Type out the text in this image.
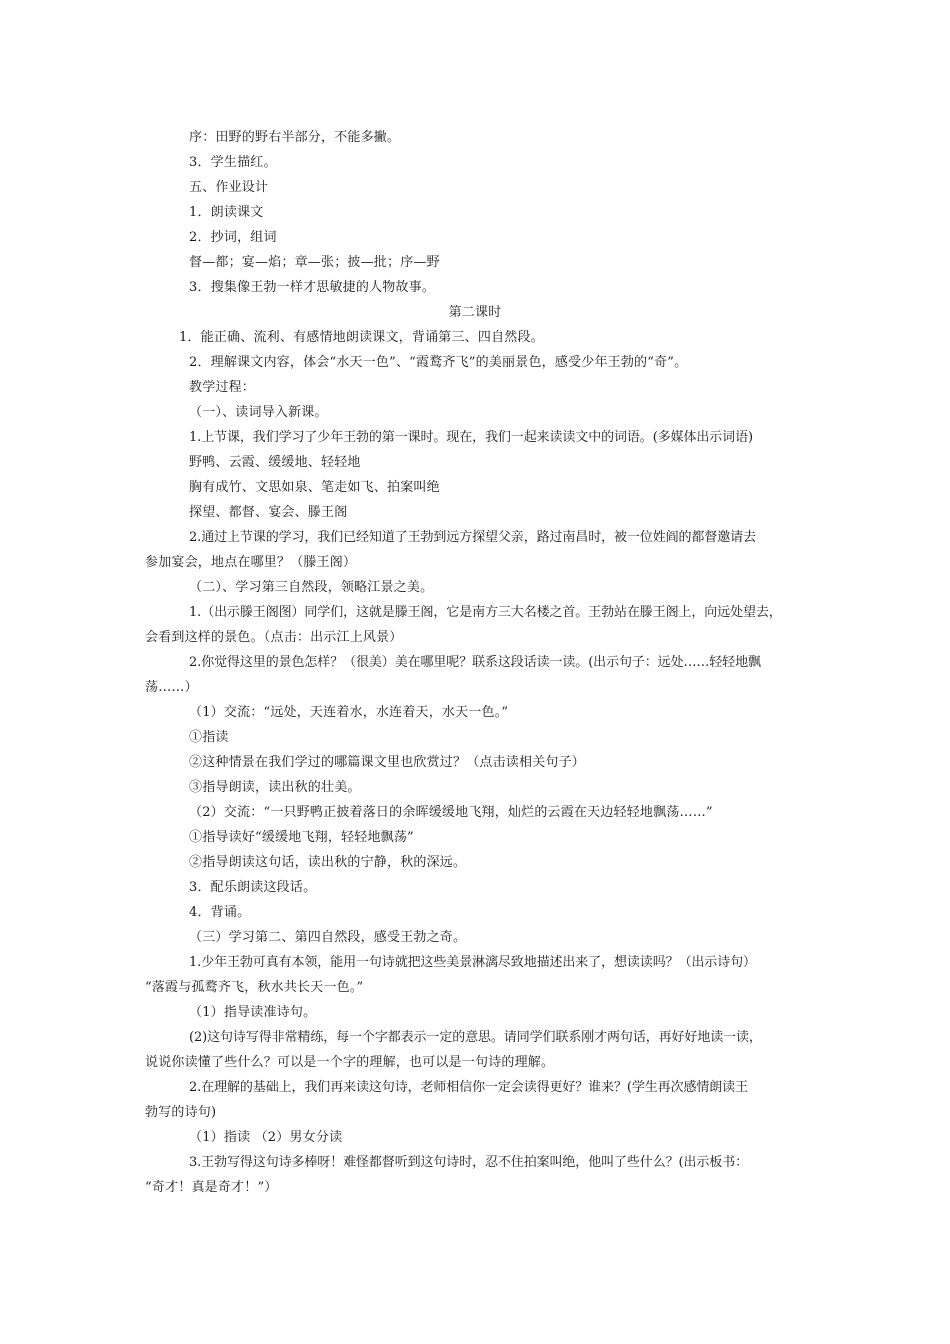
序：田野的野右半部分，不能多撇。
3．学生描红。
五、作业设计
1．朗读课文
2．抄词，组词
督—都；宴—焰；章—张；披—批；序—野
3．搜集像王勃一样才思敏捷的人物故事。
第二课时
1．能正确、流利、有感情地朗读课文，背诵第三、四自然段。
2．理解课文内容，体会“水天一色”、“霞鹜齐飞”的美丽景色，感受少年王勃的“奇”。
教学过程：
（一）、读词导入新课。
1.上节课，我们学习了少年王勃的第一课时。现在，我们一起来读读文中的词语。(多媒体出示词语)
野鸭、云霞、缓缓地、轻轻地
胸有成竹、文思如泉、笔走如飞、拍案叫绝
探望、都督、宴会、滕王阁
2.通过上节课的学习，我们已经知道了王勃到远方探望父亲，路过南昌时，被一位姓阎的都督邀请去
参加宴会，地点在哪里？（滕王阁）
（二）、学习第三自然段，领略江景之美。
1.（出示滕王阁图）同学们，这就是滕王阁，它是南方三大名楼之首。王勃站在滕王阁上，向远处望去，
会看到这样的景色。（点击：出示江上风景）
2.你觉得这里的景色怎样？（很美）美在哪里呢？联系这段话读一读。(出示句子：远处……轻轻地飘
荡……）
（1）交流：“远处，天连着水，水连着天，水天一色。”
①指读
②这种情景在我们学过的哪篇课文里也欣赏过？（点击读相关句子）
③指导朗读，读出秋的壮美。
（2）交流：“一只野鸭正披着落日的余晖缓缓地飞翔，灿烂的云霞在天边轻轻地飘荡……”
①指导读好“缓缓地飞翔，轻轻地飘荡”
②指导朗读这句话，读出秋的宁静，秋的深远。
3．配乐朗读这段话。
4．背诵。
（三）学习第二、第四自然段，感受王勃之奇。
1.少年王勃可真有本领，能用一句诗就把这些美景淋漓尽致地描述出来了，想读读吗？（出示诗句）
“落霞与孤鹜齐飞，秋水共长天一色。”
（1）指导读准诗句。
(2)这句诗写得非常精练，每一个字都表示一定的意思。请同学们联系刚才两句话，再好好地读一读，
说说你读懂了些什么？可以是一个字的理解，也可以是一句诗的理解。
2.在理解的基础上，我们再来读这句诗，老师相信你一定会读得更好？谁来？(学生再次感情朗读王
勃写的诗句)
（1）指读 （2）男女分读
3.王勃写得这句诗多棒呀！难怪都督听到这句诗时，忍不住拍案叫绝，他叫了些什么？(出示板书：
“奇才！真是奇才！”）
